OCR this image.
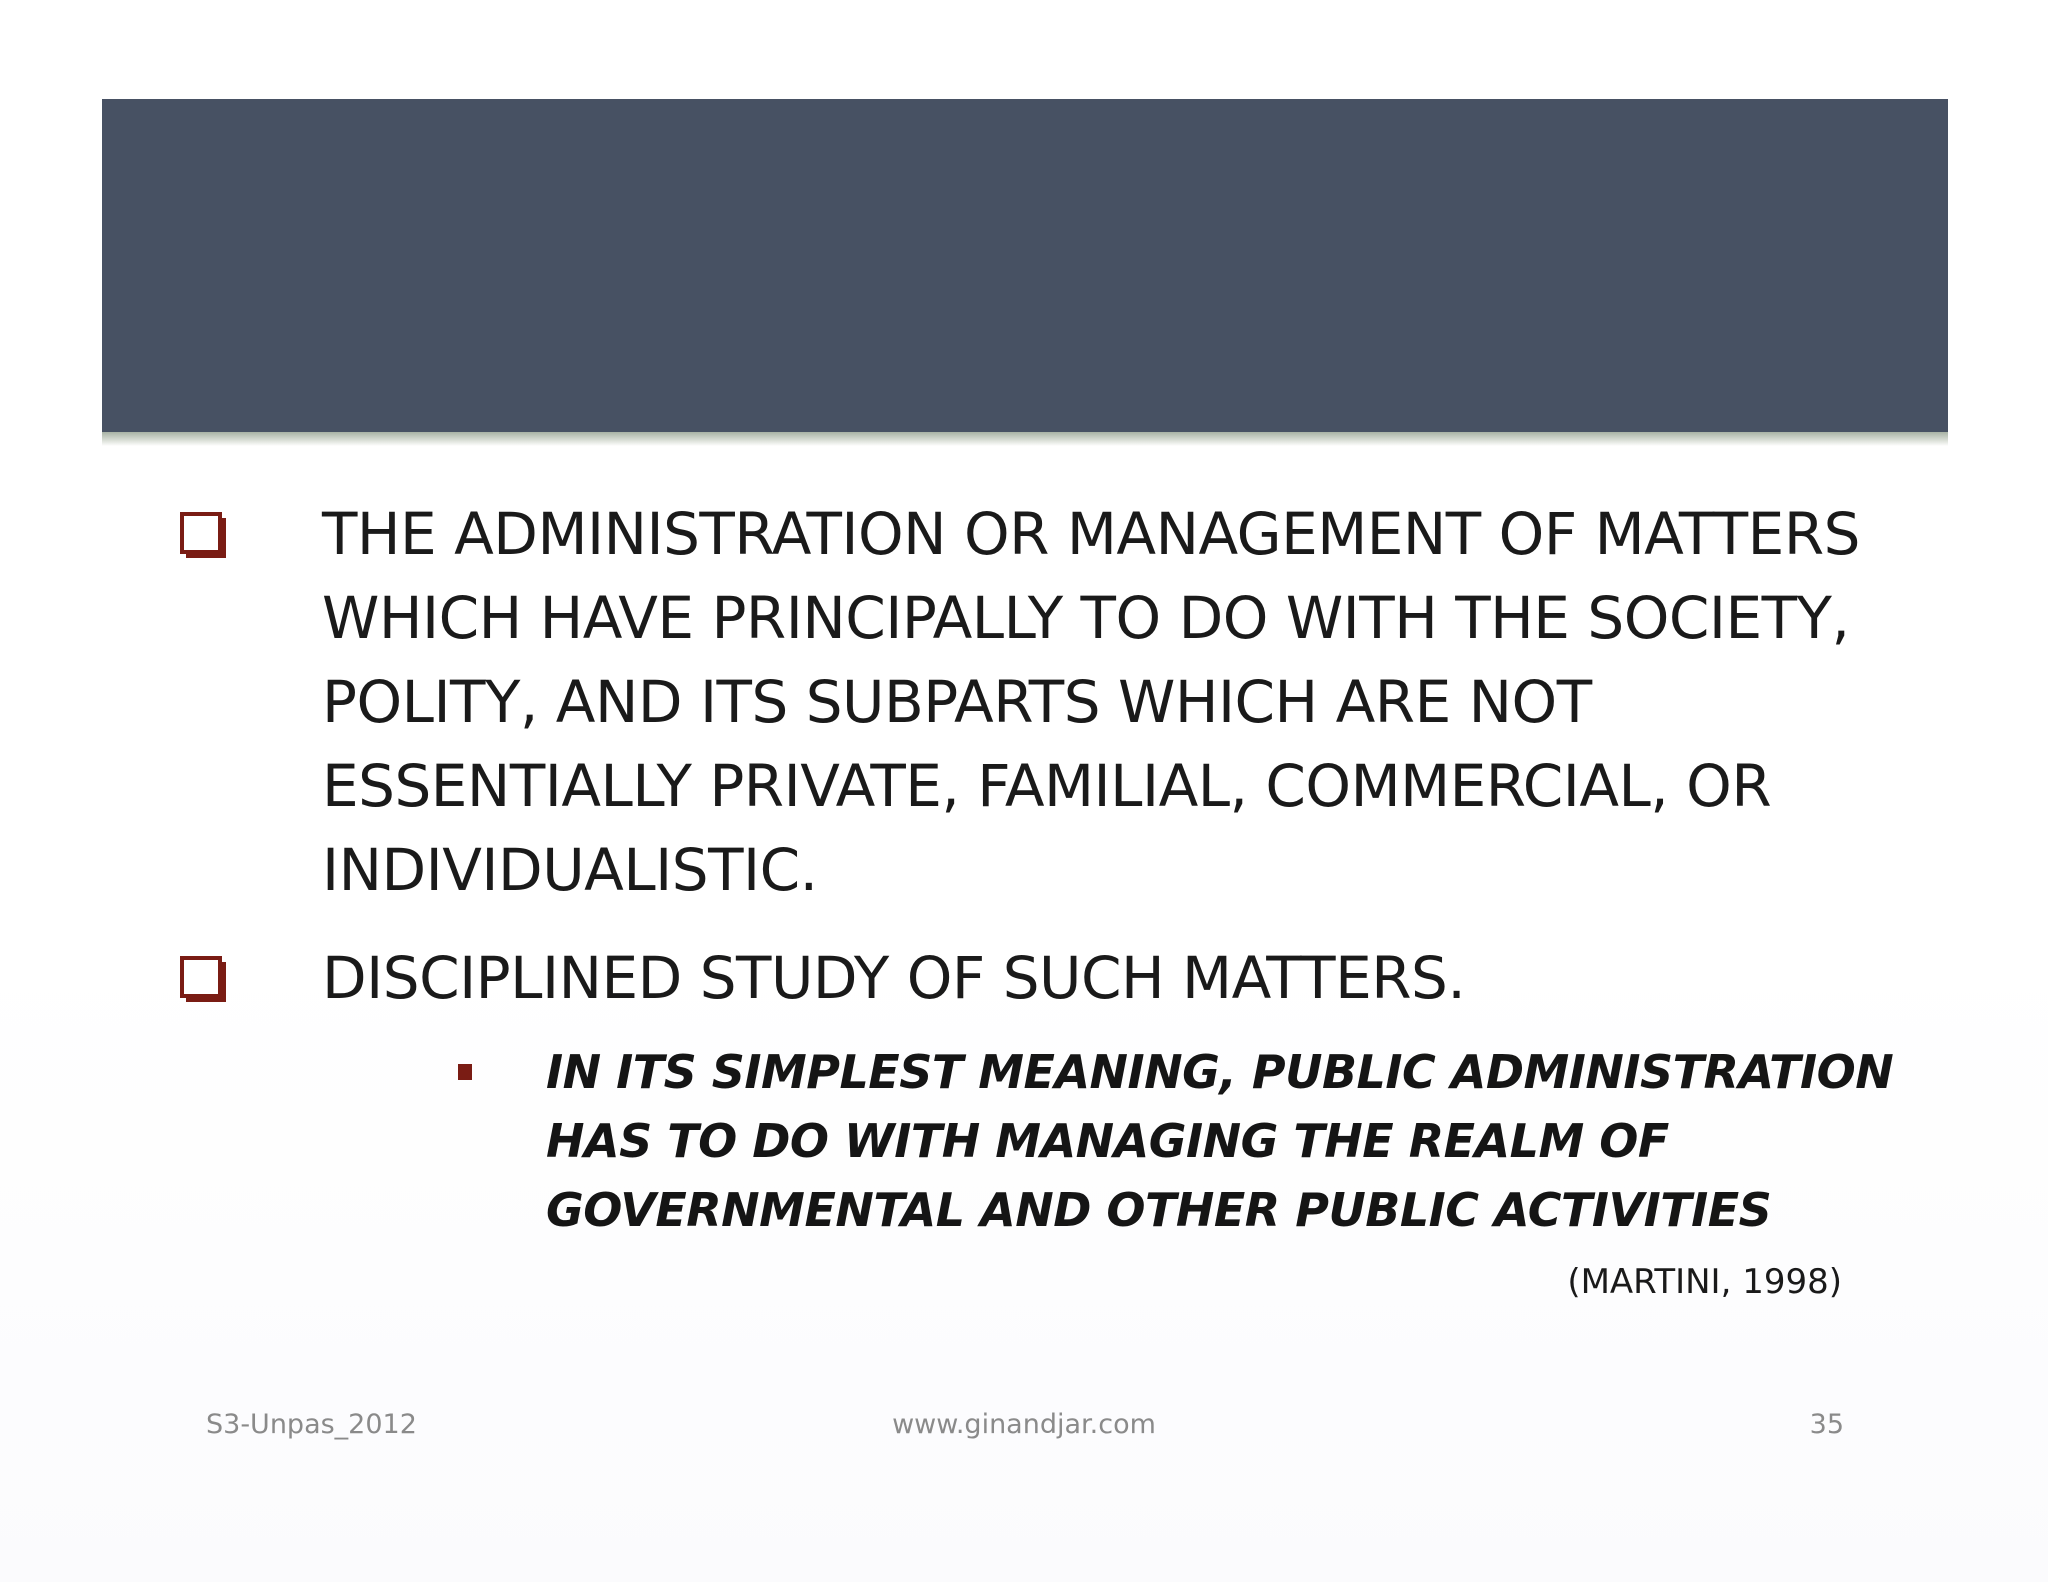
THE ADMINISTRATION OR MANAGEMENT OF MATTERS WHICH HAVE PRINCIPALLY TO DO WITH THE SOCIETY, POLITY, AND ITS SUBPARTS WHICH ARE NOT ESSENTIALLY PRIVATE, FAMILIAL, COMMERCIAL, OR INDIVIDUALISTIC.
DISCIPLINED STUDY OF SUCH MATTERS.
IN ITS SIMPLEST MEANING, PUBLIC ADMINISTRATION HAS TO DO WITH MANAGING THE REALM OF GOVERNMENTAL AND OTHER PUBLIC ACTIVITIES
(MARTINI, 1998)
S3-Unpas_2012	www.ginandjar.com	35
